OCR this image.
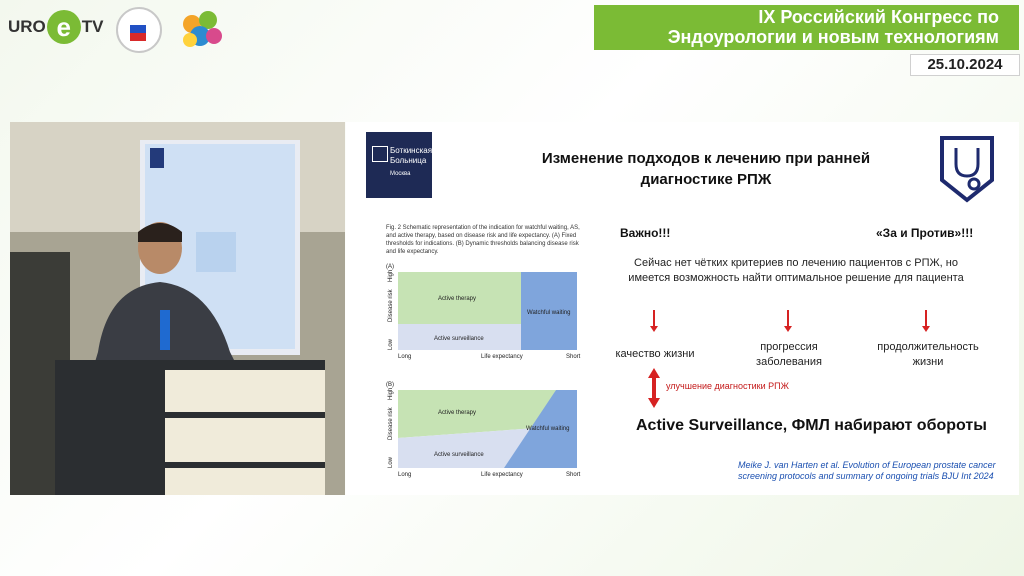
URO e TV	IX Российский Конгресс по
Эндоурологии и новым технологиям
25.10.2024
Боткинская
Больница
Москва
Изменение подходов к лечению при ранней
диагностике РПЖ
Fig. 2 Schematic representation of the indication for watchful waiting, AS, and active therapy, based on disease risk and life expectancy. (A) Fixed thresholds for indications. (B) Dynamic thresholds balancing disease risk and life expectancy.
(A)
Active therapy
Active surveillance
Watchful waiting
Long	Life expectancy	Short
Disease risk
High
Low
(B)
Active therapy
Active surveillance
Watchful waiting
Long	Life expectancy	Short
Disease risk
High
Low
Важно!!!	«За и Против»!!!
Сейчас нет чётких критериев по лечению пациентов с РПЖ, но
имеется возможность найти оптимальное решение для пациента
качество жизни
прогрессия
заболевания
продолжительность
жизни
улучшение диагностики РПЖ
Active Surveillance, ФМЛ набирают обороты
Meike J. van Harten et al. Evolution of European prostate cancer
screening protocols and summary of ongoing trials BJU Int 2024
